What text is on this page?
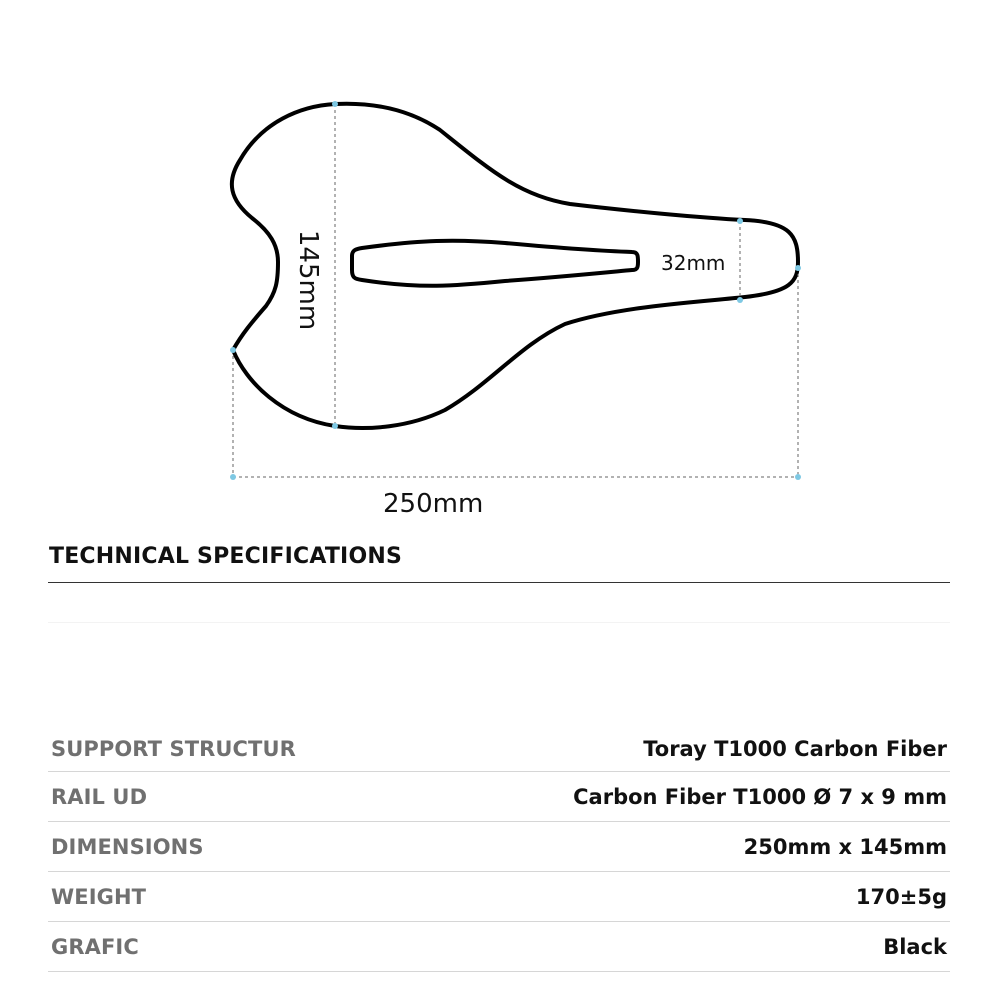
145mm	32mm
250mm
TECHNICAL SPECIFICATIONS
SUPPORT STRUCTUR	Toray T1000 Carbon Fiber
RAIL UD	Carbon Fiber T1000 Ø 7 x 9 mm
DIMENSIONS	250mm x 145mm
WEIGHT	170±5g
GRAFIC	Black
